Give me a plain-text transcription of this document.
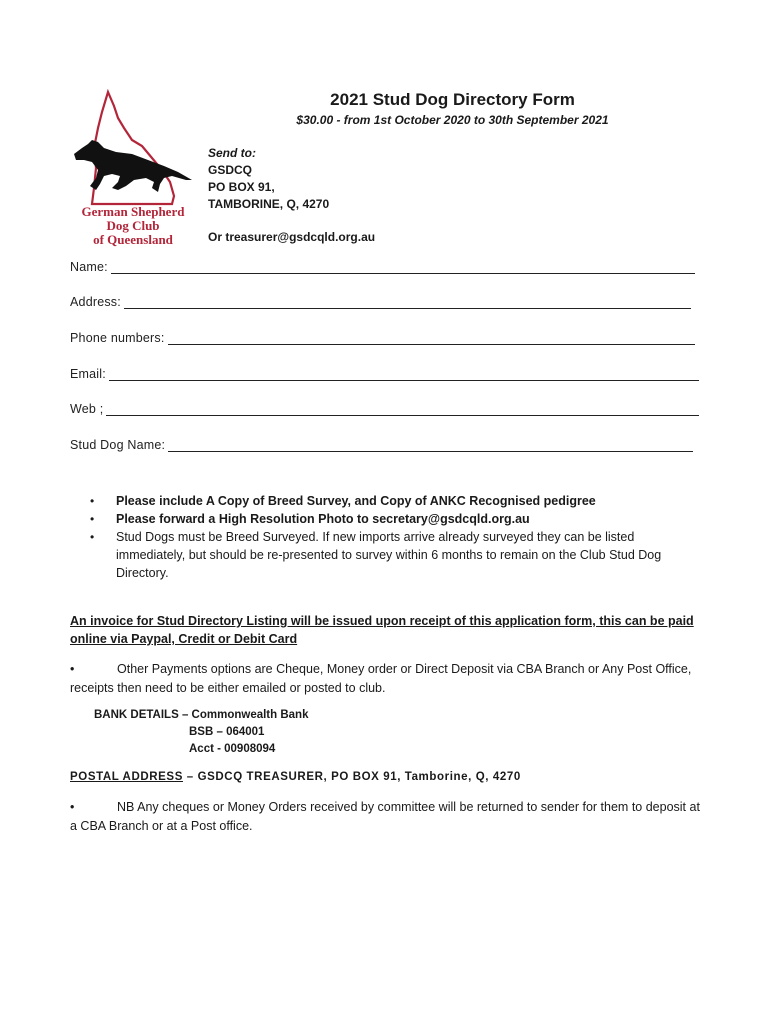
German Shepherd
Dog Club
of Queensland
2021 Stud Dog Directory Form
$30.00 - from 1st October 2020 to 30th September 2021
Send to:
GSDCQ
PO BOX 91,
TAMBORINE, Q, 4270
Or treasurer@gsdcqld.org.au
Name:
Address:
Phone numbers:
Email:
Web ;
Stud Dog Name:
•	Please include A Copy of Breed Survey, and Copy of ANKC Recognised pedigree
•	Please forward a High Resolution Photo to secretary@gsdcqld.org.au
•	Stud Dogs must be Breed Surveyed. If new imports arrive already surveyed they can be listed immediately, but should be re-presented to survey within 6 months to remain on the Club Stud Dog Directory.
An invoice for Stud Directory Listing will be issued upon receipt of this application form, this can be paid online via Paypal, Credit or Debit Card
•	Other Payments options are Cheque, Money order or Direct Deposit via CBA Branch or Any Post Office, receipts then need to be either emailed or posted to club.
BANK DETAILS – Commonwealth Bank
BSB – 064001
Acct - 00908094
POSTAL ADDRESS – GSDCQ TREASURER, PO BOX 91, Tamborine, Q, 4270
•	NB Any cheques or Money Orders received by committee will be returned to sender for them to deposit at a CBA Branch or at a Post office.
